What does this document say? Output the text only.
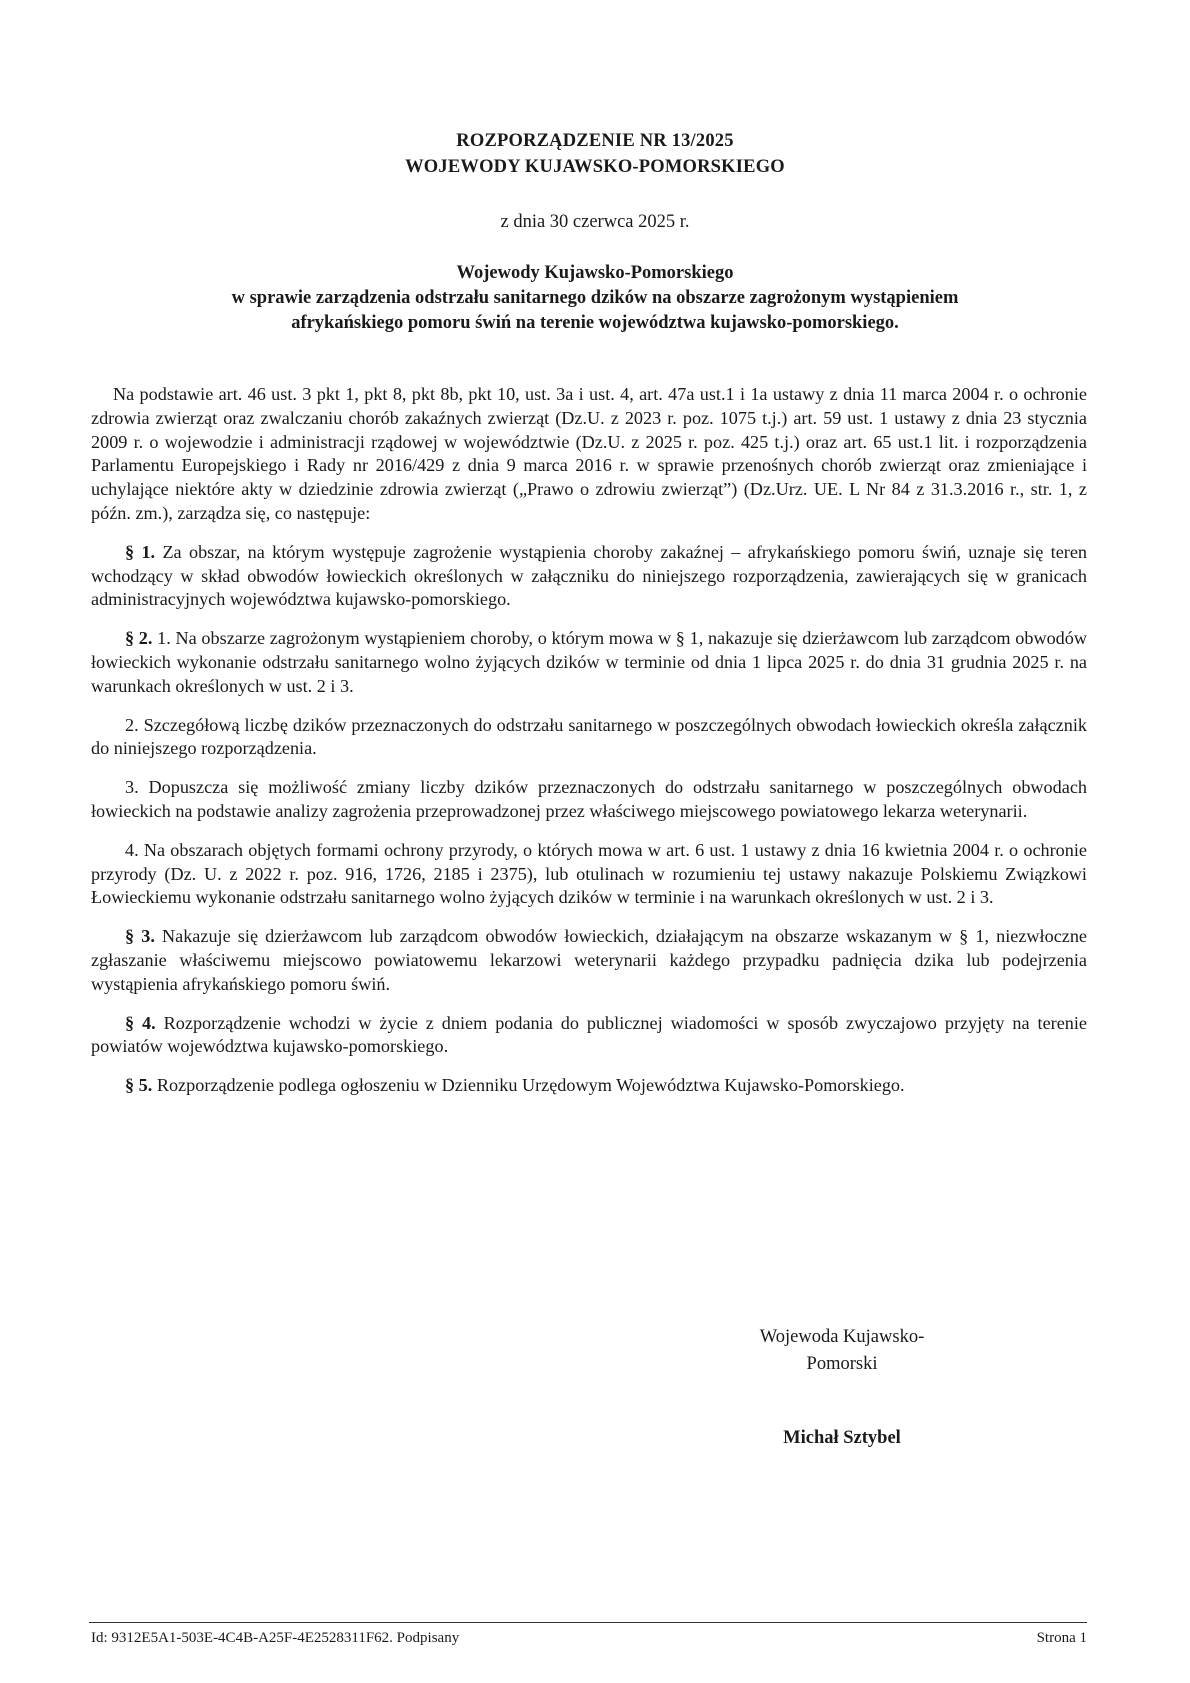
ROZPORZĄDZENIE NR 13/2025
WOJEWODY KUJAWSKO-POMORSKIEGO
z dnia 30 czerwca 2025 r.
Wojewody Kujawsko-Pomorskiego
w sprawie zarządzenia odstrzału sanitarnego dzików na obszarze zagrożonym wystąpieniem
afrykańskiego pomoru świń na terenie województwa kujawsko-pomorskiego.

Na podstawie art. 46 ust. 3 pkt 1, pkt 8, pkt 8b, pkt 10, ust. 3a i ust. 4, art. 47a ust.1 i 1a ustawy z dnia 11 marca 2004 r. o ochronie zdrowia zwierząt oraz zwalczaniu chorób zakaźnych zwierząt (Dz.U. z 2023 r. poz. 1075 t.j.) art. 59 ust. 1 ustawy z dnia 23 stycznia 2009 r. o wojewodzie i administracji rządowej w województwie (Dz.U. z 2025 r. poz. 425 t.j.) oraz art. 65 ust.1 lit. i rozporządzenia Parlamentu Europejskiego i Rady nr 2016/429 z dnia 9 marca 2016 r. w sprawie przenośnych chorób zwierząt oraz zmieniające i uchylające niektóre akty w dziedzinie zdrowia zwierząt („Prawo o zdrowiu zwierząt”) (Dz.Urz. UE. L Nr 84 z 31.3.2016 r., str. 1, z późn. zm.), zarządza się, co następuje:

§ 1. Za obszar, na którym występuje zagrożenie wystąpienia choroby zakaźnej – afrykańskiego pomoru świń, uznaje się teren wchodzący w skład obwodów łowieckich określonych w załączniku do niniejszego rozporządzenia, zawierających się w granicach administracyjnych województwa kujawsko-pomorskiego.

§ 2. 1. Na obszarze zagrożonym wystąpieniem choroby, o którym mowa w § 1, nakazuje się dzierżawcom lub zarządcom obwodów łowieckich wykonanie odstrzału sanitarnego wolno żyjących dzików w terminie od dnia 1 lipca 2025 r. do dnia 31 grudnia 2025 r. na warunkach określonych w ust. 2 i 3.

2. Szczegółową liczbę dzików przeznaczonych do odstrzału sanitarnego w poszczególnych obwodach łowieckich określa załącznik do niniejszego rozporządzenia.

3. Dopuszcza się możliwość zmiany liczby dzików przeznaczonych do odstrzału sanitarnego w poszczególnych obwodach łowieckich na podstawie analizy zagrożenia przeprowadzonej przez właściwego miejscowego powiatowego lekarza weterynarii.

4. Na obszarach objętych formami ochrony przyrody, o których mowa w art. 6 ust. 1 ustawy z dnia 16 kwietnia 2004 r. o ochronie przyrody (Dz. U. z 2022 r. poz. 916, 1726, 2185 i 2375), lub otulinach w rozumieniu tej ustawy nakazuje Polskiemu Związkowi Łowieckiemu wykonanie odstrzału sanitarnego wolno żyjących dzików w terminie i na warunkach określonych w ust. 2 i 3.

§ 3. Nakazuje się dzierżawcom lub zarządcom obwodów łowieckich, działającym na obszarze wskazanym w § 1, niezwłoczne zgłaszanie właściwemu miejscowo powiatowemu lekarzowi weterynarii każdego przypadku padnięcia dzika lub podejrzenia wystąpienia afrykańskiego pomoru świń.

§ 4. Rozporządzenie wchodzi w życie z dniem podania do publicznej wiadomości w sposób zwyczajowo przyjęty na terenie powiatów województwa kujawsko-pomorskiego.

§ 5. Rozporządzenie podlega ogłoszeniu w Dzienniku Urzędowym Województwa Kujawsko-Pomorskiego.

Wojewoda Kujawsko-
Pomorski
Michał Sztybel
Id: 9312E5A1-503E-4C4B-A25F-4E2528311F62. Podpisany	Strona 1
